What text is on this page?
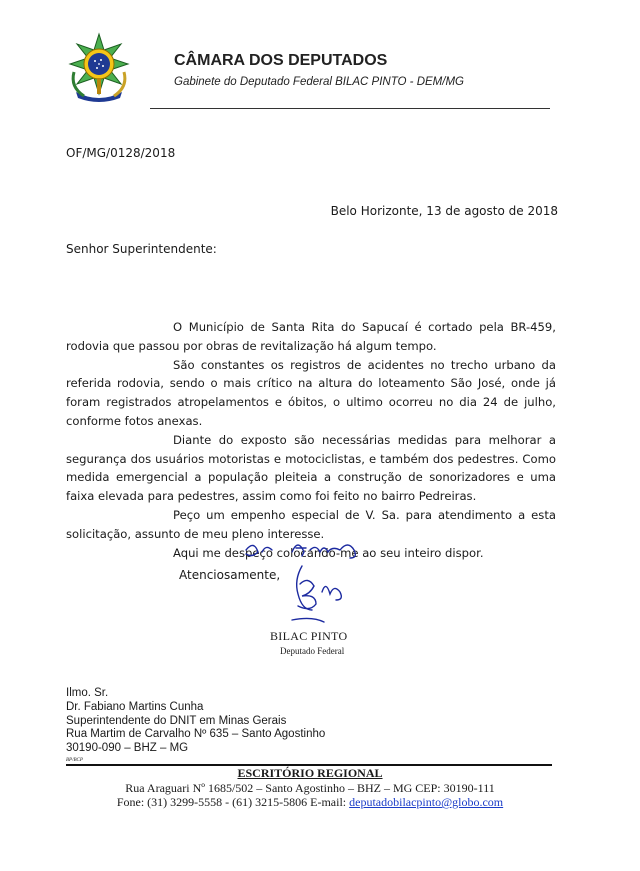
CÂMARA DOS DEPUTADOS
Gabinete do Deputado Federal BILAC PINTO - DEM/MG
OF/MG/0128/2018
Belo Horizonte, 13 de agosto de 2018
Senhor Superintendente:

O Município de Santa Rita do Sapucaí é cortado pela BR-459, rodovia que passou por obras de revitalização há algum tempo.

São constantes os registros de acidentes no trecho urbano da referida rodovia, sendo o mais crítico na altura do loteamento São José, onde já foram registrados atropelamentos e óbitos, o ultimo ocorreu no dia 24 de julho, conforme fotos anexas.

Diante do exposto são necessárias medidas para melhorar a segurança dos usuários motoristas e motociclistas, e também dos pedestres. Como medida emergencial a população pleiteia a construção de sonorizadores e uma faixa elevada para pedestres, assim como foi feito no bairro Pedreiras.

Peço um empenho especial de V. Sa. para atendimento a esta solicitação, assunto de meu pleno interesse.

Aqui me despeço colocando-me ao seu inteiro dispor.

Atenciosamente,
BILAC PINTO
Deputado Federal
Ilmo. Sr.
Dr. Fabiano Martins Cunha
Superintendente do DNIT em Minas Gerais
Rua Martim de Carvalho Nº 635 – Santo Agostinho
30190-090 – BHZ – MG
BP/BCP
ESCRITÓRIO REGIONAL
Rua Araguari Nº 1685/502 – Santo Agostinho – BHZ – MG CEP: 30190-111
Fone: (31) 3299-5558 - (61) 3215-5806 E-mail: deputadobilacpinto@globo.com
